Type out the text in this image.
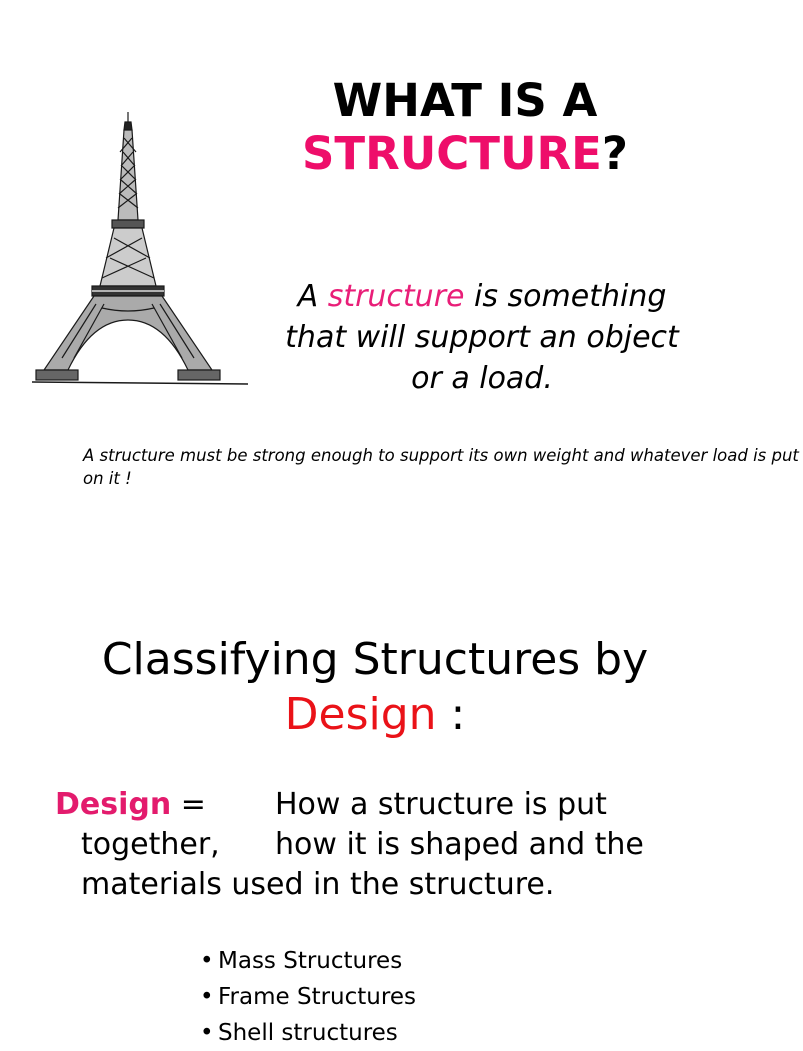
WHAT IS A
STRUCTURE?
A structure is something that will support an object or a load.
A structure must be strong enough to support its own weight and whatever load is put on it !
Classifying Structures by
Design :
Design = How a structure is put
together, how it is shaped and the
materials used in the structure.
• Mass Structures
• Frame Structures
• Shell structures
